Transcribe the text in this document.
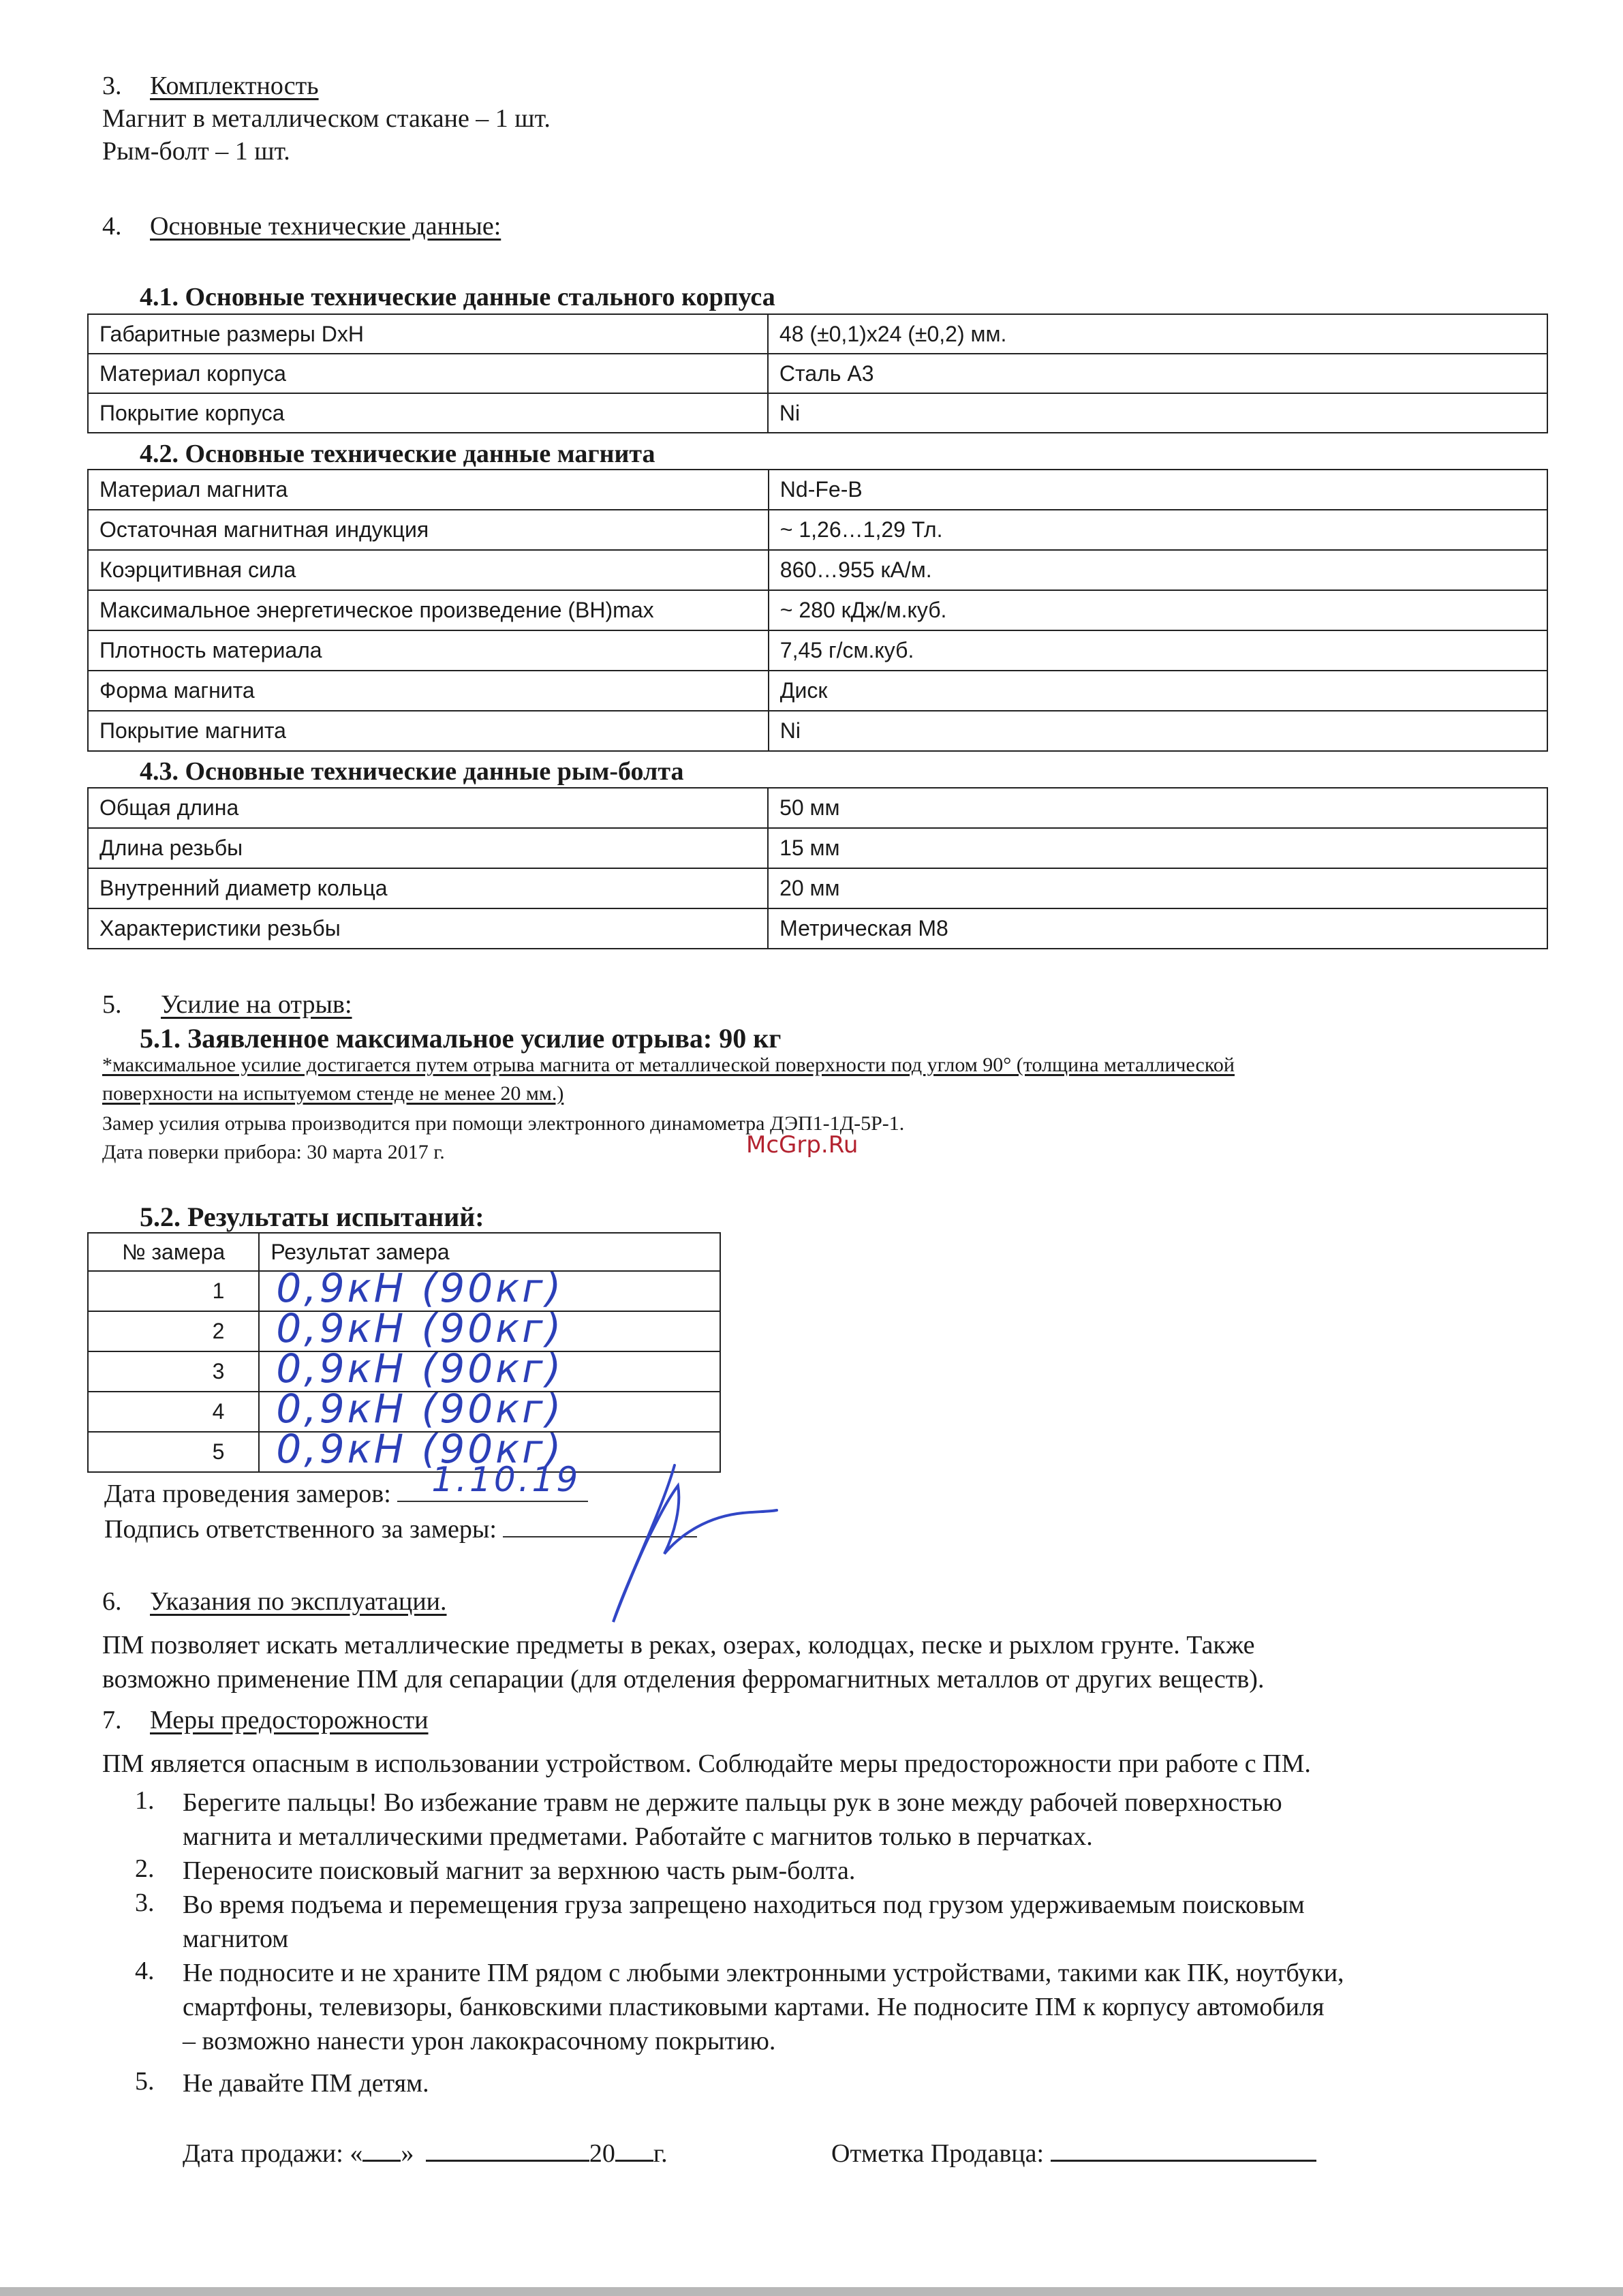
3. Комплектность
Магнит в металлическом стакане – 1 шт.
Рым-болт – 1 шт.
4. Основные технические данные:
4.1. Основные технические данные стального корпуса
Габаритные размеры DxH	48 (±0,1)x24 (±0,2) мм.
Материал корпуса	Сталь А3
Покрытие корпуса	Ni
4.2. Основные технические данные магнита
Материал магнита	Nd-Fe-B
Остаточная магнитная индукция	~ 1,26…1,29 Тл.
Коэрцитивная сила	860…955 кА/м.
Максимальное энергетическое произведение (BH)max	~ 280 кДж/м.куб.
Плотность материала	7,45 г/см.куб.
Форма магнита	Диск
Покрытие магнита	Ni
4.3. Основные технические данные рым-болта
Общая длина	50 мм
Длина резьбы	15 мм
Внутренний диаметр кольца	20 мм
Характеристики резьбы	Метрическая М8
5. Усилие на отрыв:
5.1. Заявленное максимальное усилие отрыва: 90 кг
*максимальное усилие достигается путем отрыва магнита от металлической поверхности под углом 90° (толщина металлической
поверхности на испытуемом стенде не менее 20 мм.)
Замер усилия отрыва производится при помощи электронного динамометра ДЭП1-1Д-5Р-1.
Дата поверки прибора: 30 марта 2017 г.	McGrp.Ru
5.2. Результаты испытаний:
№ замера	Результат замера
1	0,9кН (90кг)

2	0,9кН (90кг)

3	0,9кН (90кг)

4	0,9кН (90кг)

5	0,9кН (90кг)
Дата проведения замеров: 1.10.19
Подпись ответственного за замеры:
6. Указания по эксплуатации.
ПМ позволяет искать металлические предметы в реках, озерах, колодцах, песке и рыхлом грунте. Также
возможно применение ПМ для сепарации (для отделения ферромагнитных металлов от других веществ).
7. Меры предосторожности
ПМ является опасным в использовании устройством. Соблюдайте меры предосторожности при работе с ПМ.
1. Берегите пальцы! Во избежание травм не держите пальцы рук в зоне между рабочей поверхностью
магнита и металлическими предметами. Работайте с магнитов только в перчатках.
2. Переносите поисковый магнит за верхнюю часть рым-болта.
3. Во время подъема и перемещения груза запрещено находиться под грузом удерживаемым поисковым
магнитом
4. Не подносите и не храните ПМ рядом с любыми электронными устройствами, такими как ПК, ноутбуки,
смартфоны, телевизоры, банковскими пластиковыми картами. Не подносите ПМ к корпусу автомобиля
– возможно нанести урон лакокрасочному покрытию.
5. Не давайте ПМ детям.
Дата продажи: « »	20 г.	Отметка Продавца:
